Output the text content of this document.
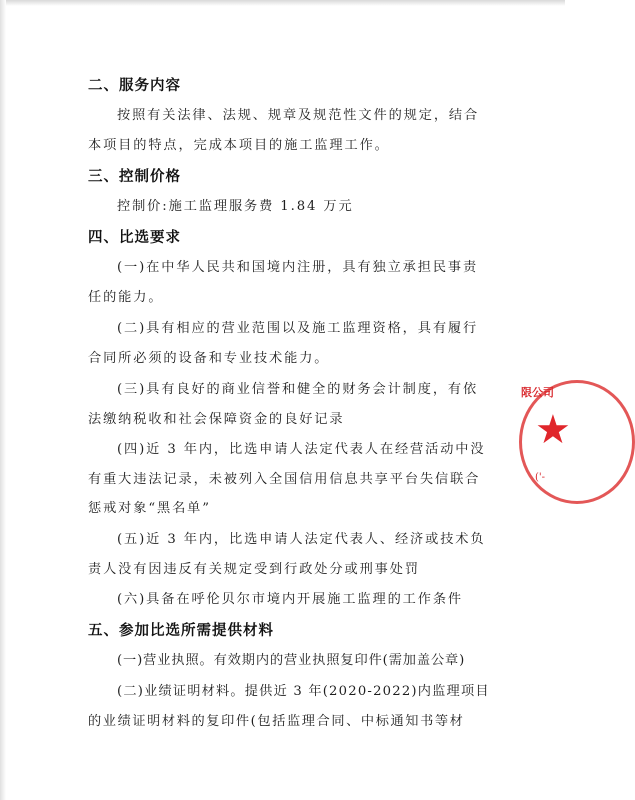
二、服务内容
按照有关法律、法规、规章及规范性文件的规定，结合
本项目的特点，完成本项目的施工监理工作。
三、控制价格
控制价:施工监理服务费 1.84 万元
四、比选要求
(一)在中华人民共和国境内注册，具有独立承担民事责
任的能力。
(二)具有相应的营业范围以及施工监理资格，具有履行
合同所必须的设备和专业技术能力。
(三)具有良好的商业信誉和健全的财务会计制度，有依
法缴纳税收和社会保障资金的良好记录
(四)近 3 年内，比选申请人法定代表人在经营活动中没
有重大违法记录，未被列入全国信用信息共享平台失信联合
惩戒对象“黑名单”
(五)近 3 年内，比选申请人法定代表人、经济或技术负
责人没有因违反有关规定受到行政处分或刑事处罚
(六)具备在呼伦贝尔市境内开展施工监理的工作条件
五、参加比选所需提供材料
(一)营业执照。有效期内的营业执照复印件(需加盖公章)
(二)业绩证明材料。提供近 3 年(2020-2022)内监理项目
的业绩证明材料的复印件(包括监理合同、中标通知书等材
限公司
★
('-
